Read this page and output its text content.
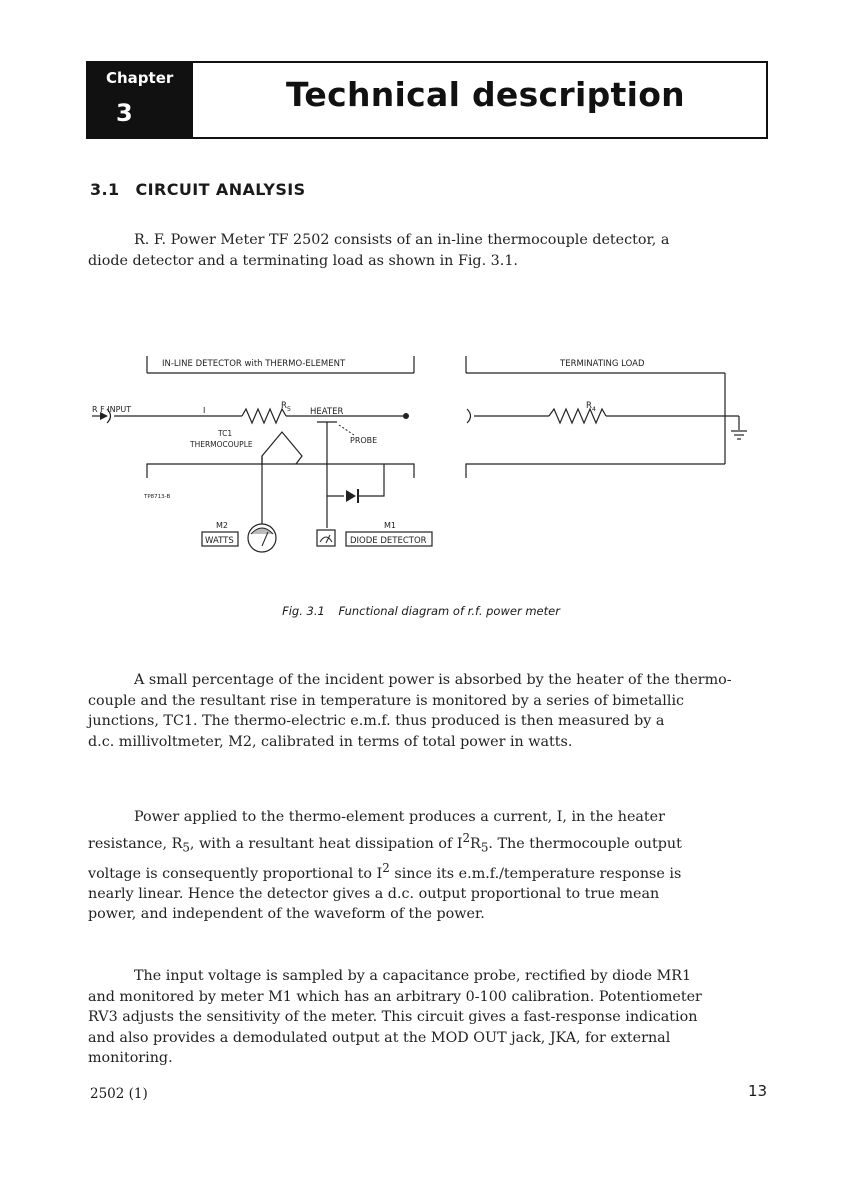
Chapter
3	Technical description
3.1 CIRCUIT ANALYSIS

R. F. Power Meter TF 2502 consists of an in-line thermocouple detector, a

diode detector and a terminating load as shown in Fig. 3.1.

IN-LINE DETECTOR with THERMO-ELEMENT	TERMINATING LOAD
R F INPUT	I	$R_5$ HEATER
TC1
THERMOCOUPLE	PROBE
TP8713-B
M2	M1
WATTS	DIODE DETECTOR
$R_4$
Fig. 3.1 Functional diagram of r.f. power meter

A small percentage of the incident power is absorbed by the heater of the thermo-

couple and the resultant rise in temperature is monitored by a series of bimetallic

junctions, TC1. The thermo-electric e.m.f. thus produced is then measured by a

d.c. millivoltmeter, M2, calibrated in terms of total power in watts.

Power applied to the thermo-element produces a current, I, in the heater

resistance, $R_5$, with a resultant heat dissipation of $I^2R_5$. The thermocouple output

voltage is consequently proportional to $I^2$ since its e.m.f./temperature response is

nearly linear. Hence the detector gives a d.c. output proportional to true mean

power, and independent of the waveform of the power.

The input voltage is sampled by a capacitance probe, rectified by diode MR1

and monitored by meter M1 which has an arbitrary 0-100 calibration. Potentiometer

RV3 adjusts the sensitivity of the meter. This circuit gives a fast-response indication

and also provides a demodulated output at the MOD OUT jack, JKA, for external

monitoring.

2502 (1)	13
